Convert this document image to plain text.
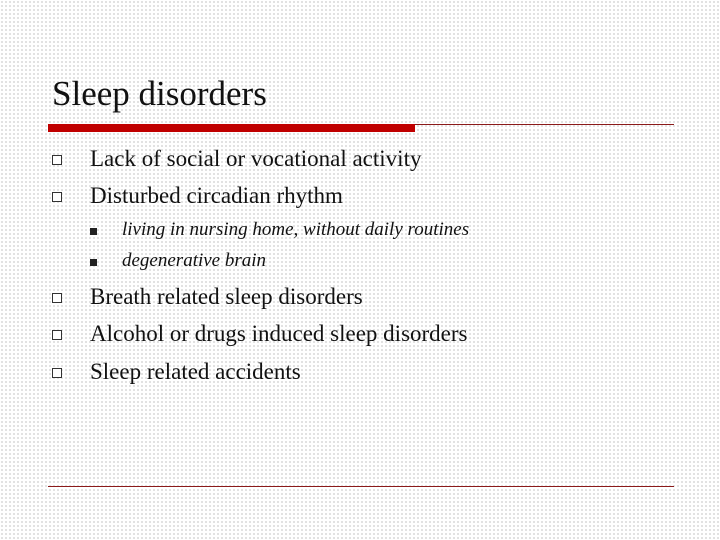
Sleep disorders
Lack of social or vocational activity
Disturbed circadian rhythm
living in nursing home, without daily routines
degenerative brain
Breath related sleep disorders
Alcohol or drugs induced sleep disorders
Sleep related accidents
